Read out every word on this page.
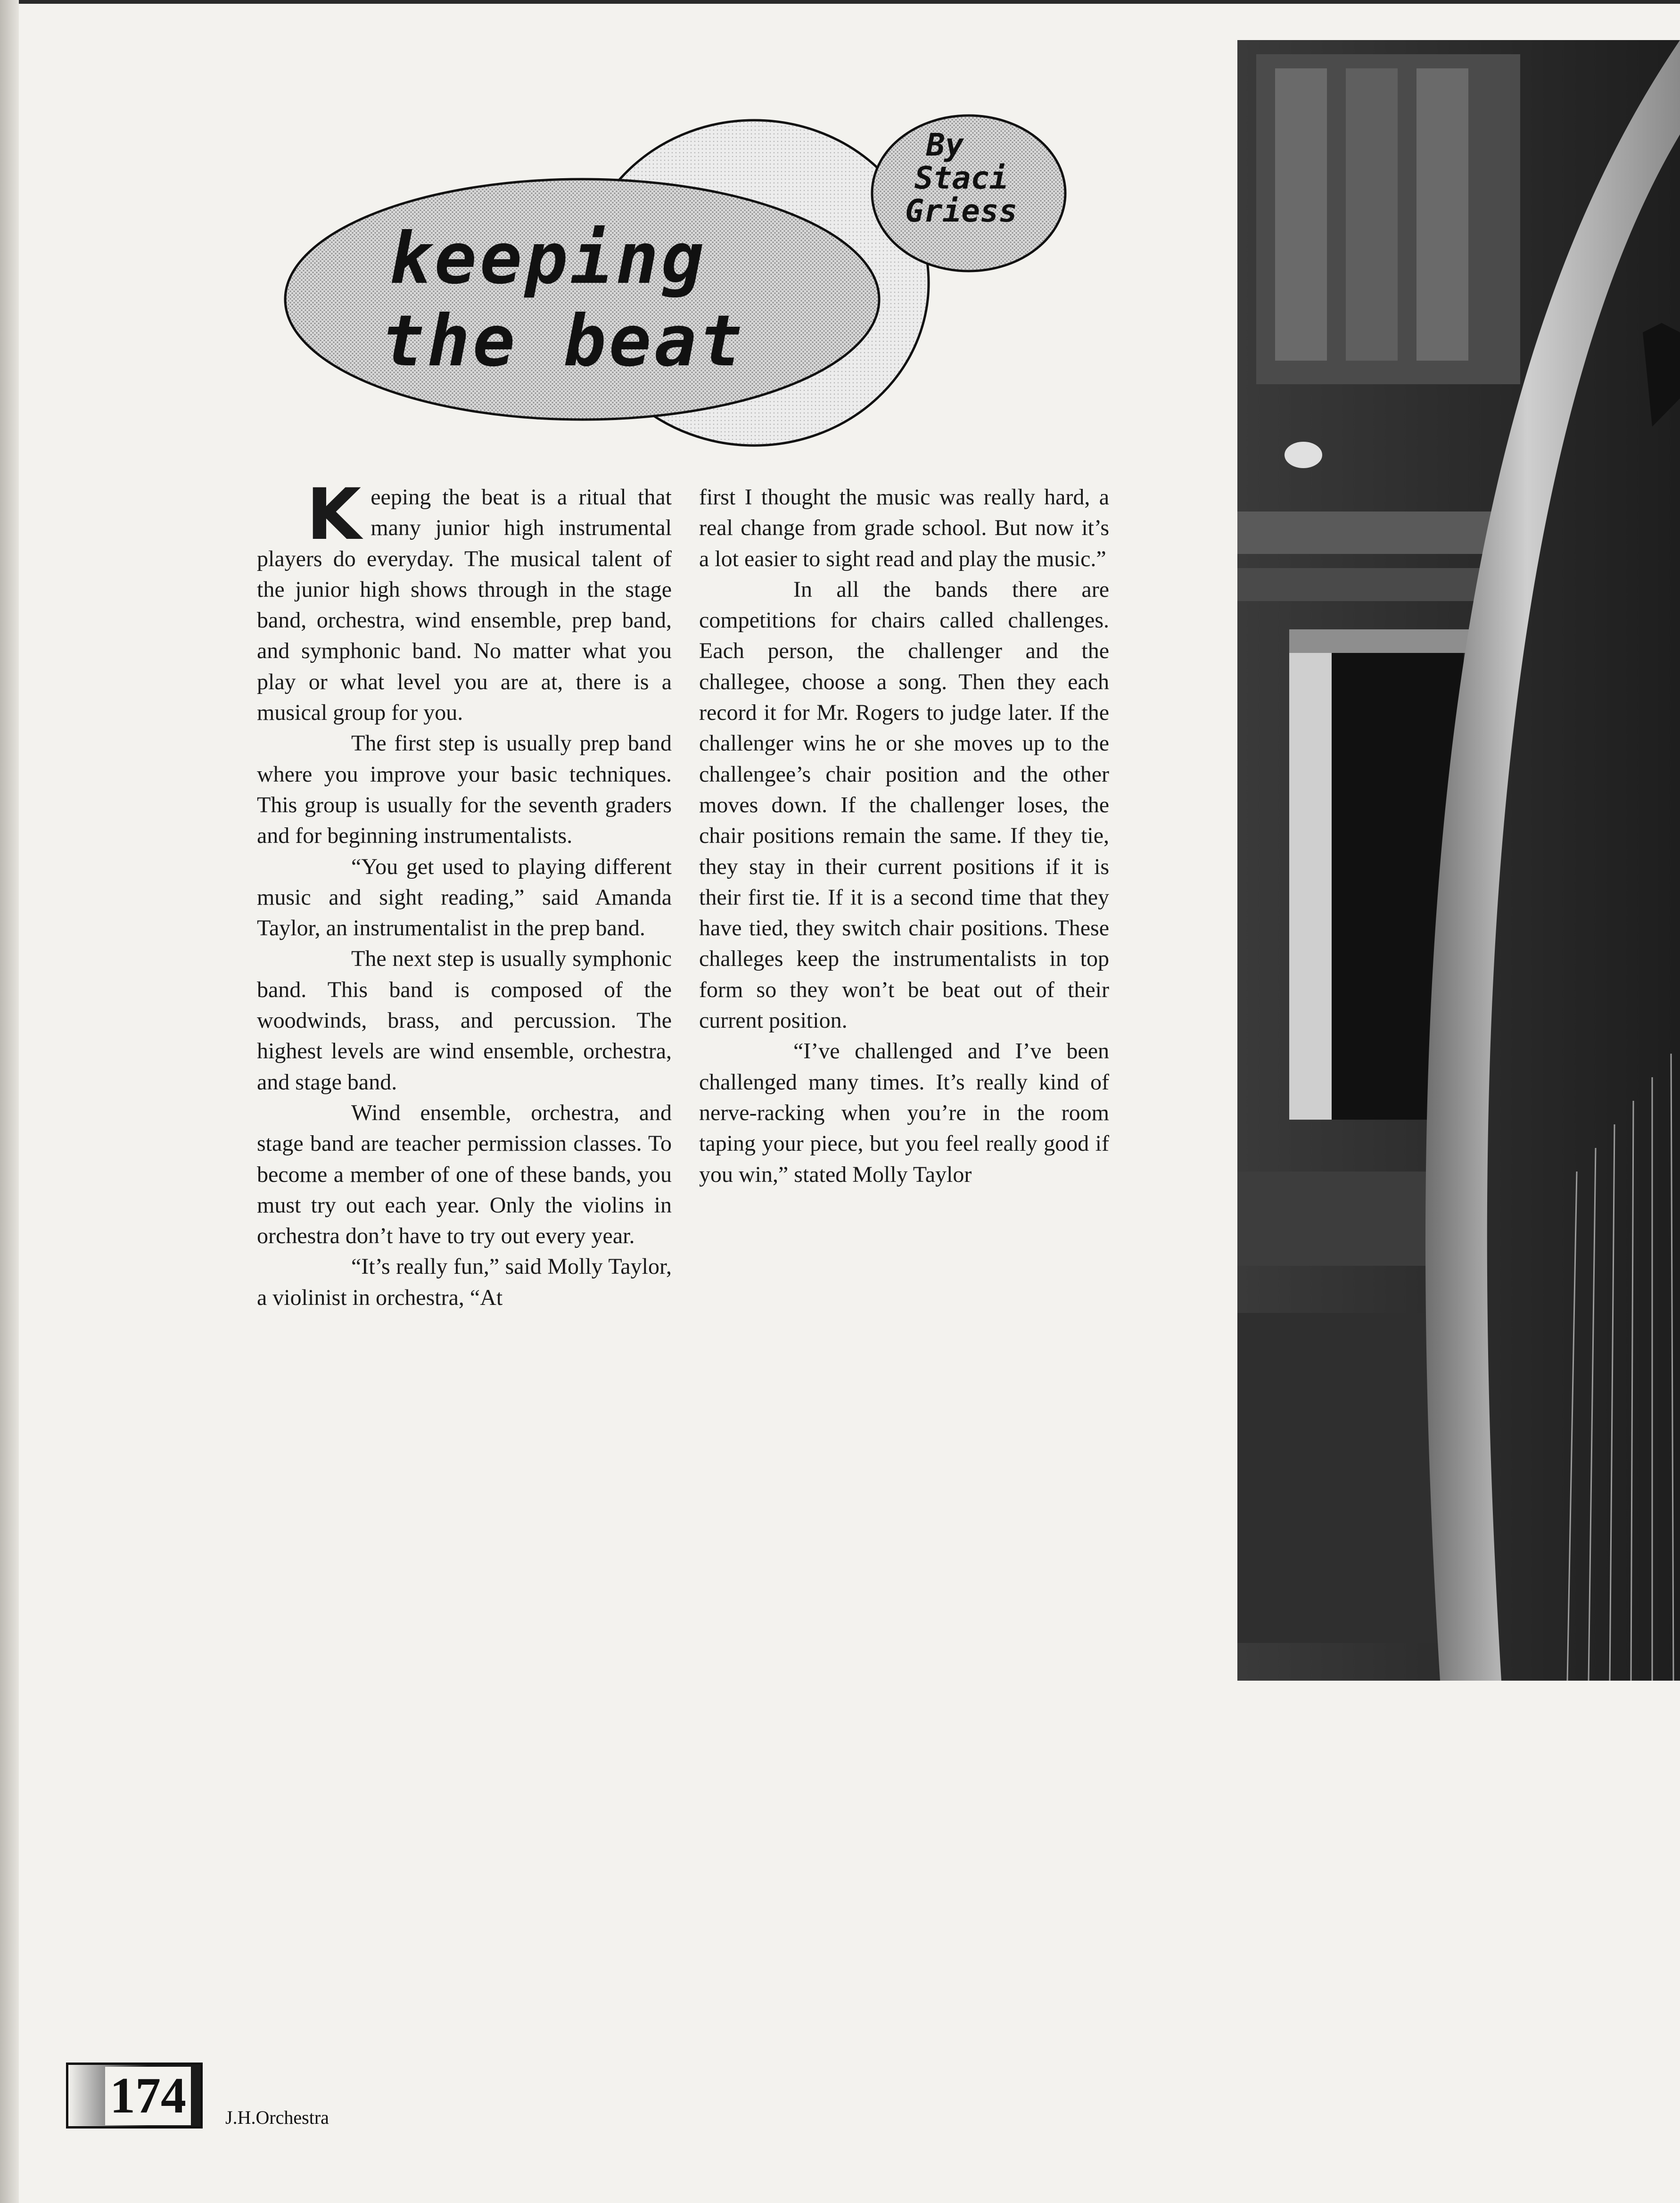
keeping
the beat
By
Staci
Griess

Keeping the beat is a ritual that many junior high instrumental players do everyday. The musical talent of the junior high shows through in the stage band, orchestra, wind ensemble, prep band, and symphonic band. No matter what you play or what level you are at, there is a musical group for you.

The first step is usually prep band where you improve your basic techniques. This group is usually for the seventh graders and for beginning instrumentalists.

“You get used to playing different music and sight reading,” said Amanda Taylor, an instrumentalist in the prep band.

The next step is usually symphonic band. This band is composed of the woodwinds, brass, and percussion. The highest levels are wind ensemble, orchestra, and stage band.

Wind ensemble, orchestra, and stage band are teacher permission classes. To become a member of one of these bands, you must try out each year. Only the violins in orchestra don’t have to try out every year.

“It’s really fun,” said Molly Taylor, a violinist in orchestra, “At

first I thought the music was really hard, a real change from grade school. But now it’s a lot easier to sight read and play the music.”

In all the bands there are competitions for chairs called challenges. Each person, the challenger and the challegee, choose a song. Then they each record it for Mr. Rogers to judge later. If the challenger wins he or she moves up to the challengee’s chair position and the other moves down. If the challenger loses, the chair positions remain the same. If they tie, they stay in their current positions if it is their first tie. If it is a second time that they have tied, they switch chair positions. These challeges keep the instrumentalists in top form so they won’t be beat out of their current position.

“I’ve challenged and I’ve been challenged many times. It’s really kind of nerve-racking when you’re in the room taping your piece, but you feel really good if you win,” stated Molly Taylor

174 J.H.Orchestra
